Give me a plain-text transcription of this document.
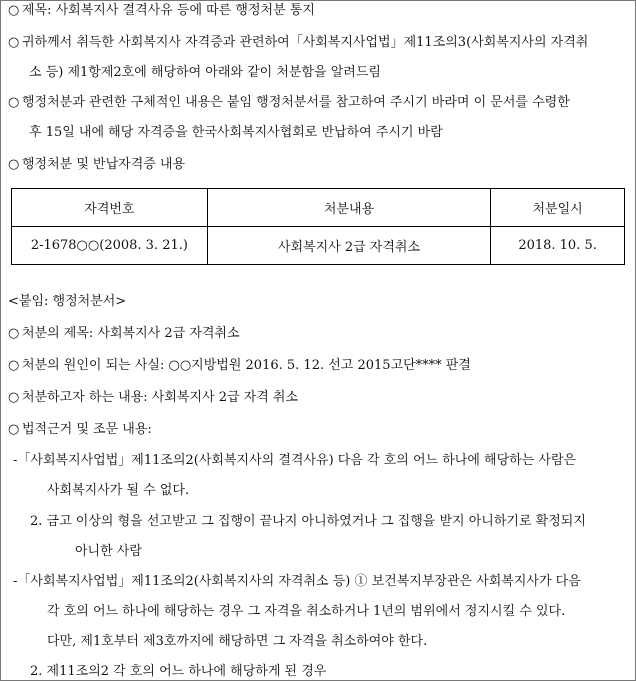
○ 제목: 사회복지사 결격사유 등에 따른 행정처분 통지
○ 귀하께서 취득한 사회복지사 자격증과 관련하여「사회복지사업법」제11조의3(사회복지사의 자격취
소 등) 제1항제2호에 해당하여 아래와 같이 처분함을 알려드림
○ 행정처분과 관련한 구체적인 내용은 붙임 행정처분서를 참고하여 주시기 바라며 이 문서를 수령한
후 15일 내에 해당 자격증을 한국사회복지사협회로 반납하여 주시기 바람
○ 행정처분 및 반납자격증 내용
자격번호	처분내용	처분일시
2-1678○○(2008. 3. 21.)	사회복지사 2급 자격취소	2018. 10. 5.
<붙임: 행정처분서>
○ 처분의 제목: 사회복지사 2급 자격취소
○ 처분의 원인이 되는 사실: ○○지방법원 2016. 5. 12. 선고 2015고단**** 판결
○ 처분하고자 하는 내용: 사회복지사 2급 자격 취소
○ 법적근거 및 조문 내용:
-「사회복지사업법」제11조의2(사회복지사의 결격사유) 다음 각 호의 어느 하나에 해당하는 사람은
사회복지사가 될 수 없다.
2. 금고 이상의 형을 선고받고 그 집행이 끝나지 아니하였거나 그 집행을 받지 아니하기로 확정되지
아니한 사람
-「사회복지사업법」제11조의2(사회복지사의 자격취소 등) ① 보건복지부장관은 사회복지사가 다음
각 호의 어느 하나에 해당하는 경우 그 자격을 취소하거나 1년의 범위에서 정지시킬 수 있다.
다만, 제1호부터 제3호까지에 해당하면 그 자격을 취소하여야 한다.
2. 제11조의2 각 호의 어느 하나에 해당하게 된 경우
